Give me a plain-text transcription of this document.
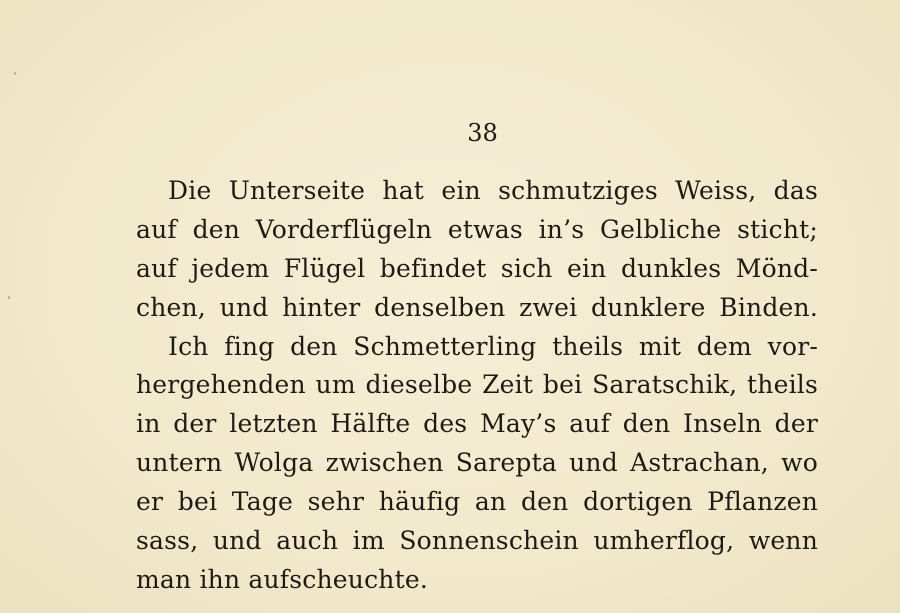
38
Die Unterseite hat ein schmutziges Weiss, das
auf den Vorderflügeln etwas in’s Gelbliche sticht;
auf jedem Flügel befindet sich ein dunkles Mönd-
chen, und hinter denselben zwei dunklere Binden.
Ich fing den Schmetterling theils mit dem vor-
hergehenden um dieselbe Zeit bei Saratschik, theils
in der letzten Hälfte des May’s auf den Inseln der
untern Wolga zwischen Sarepta und Astrachan, wo
er bei Tage sehr häufig an den dortigen Pflanzen
sass, und auch im Sonnenschein umherflog, wenn
man ihn aufscheuchte.
